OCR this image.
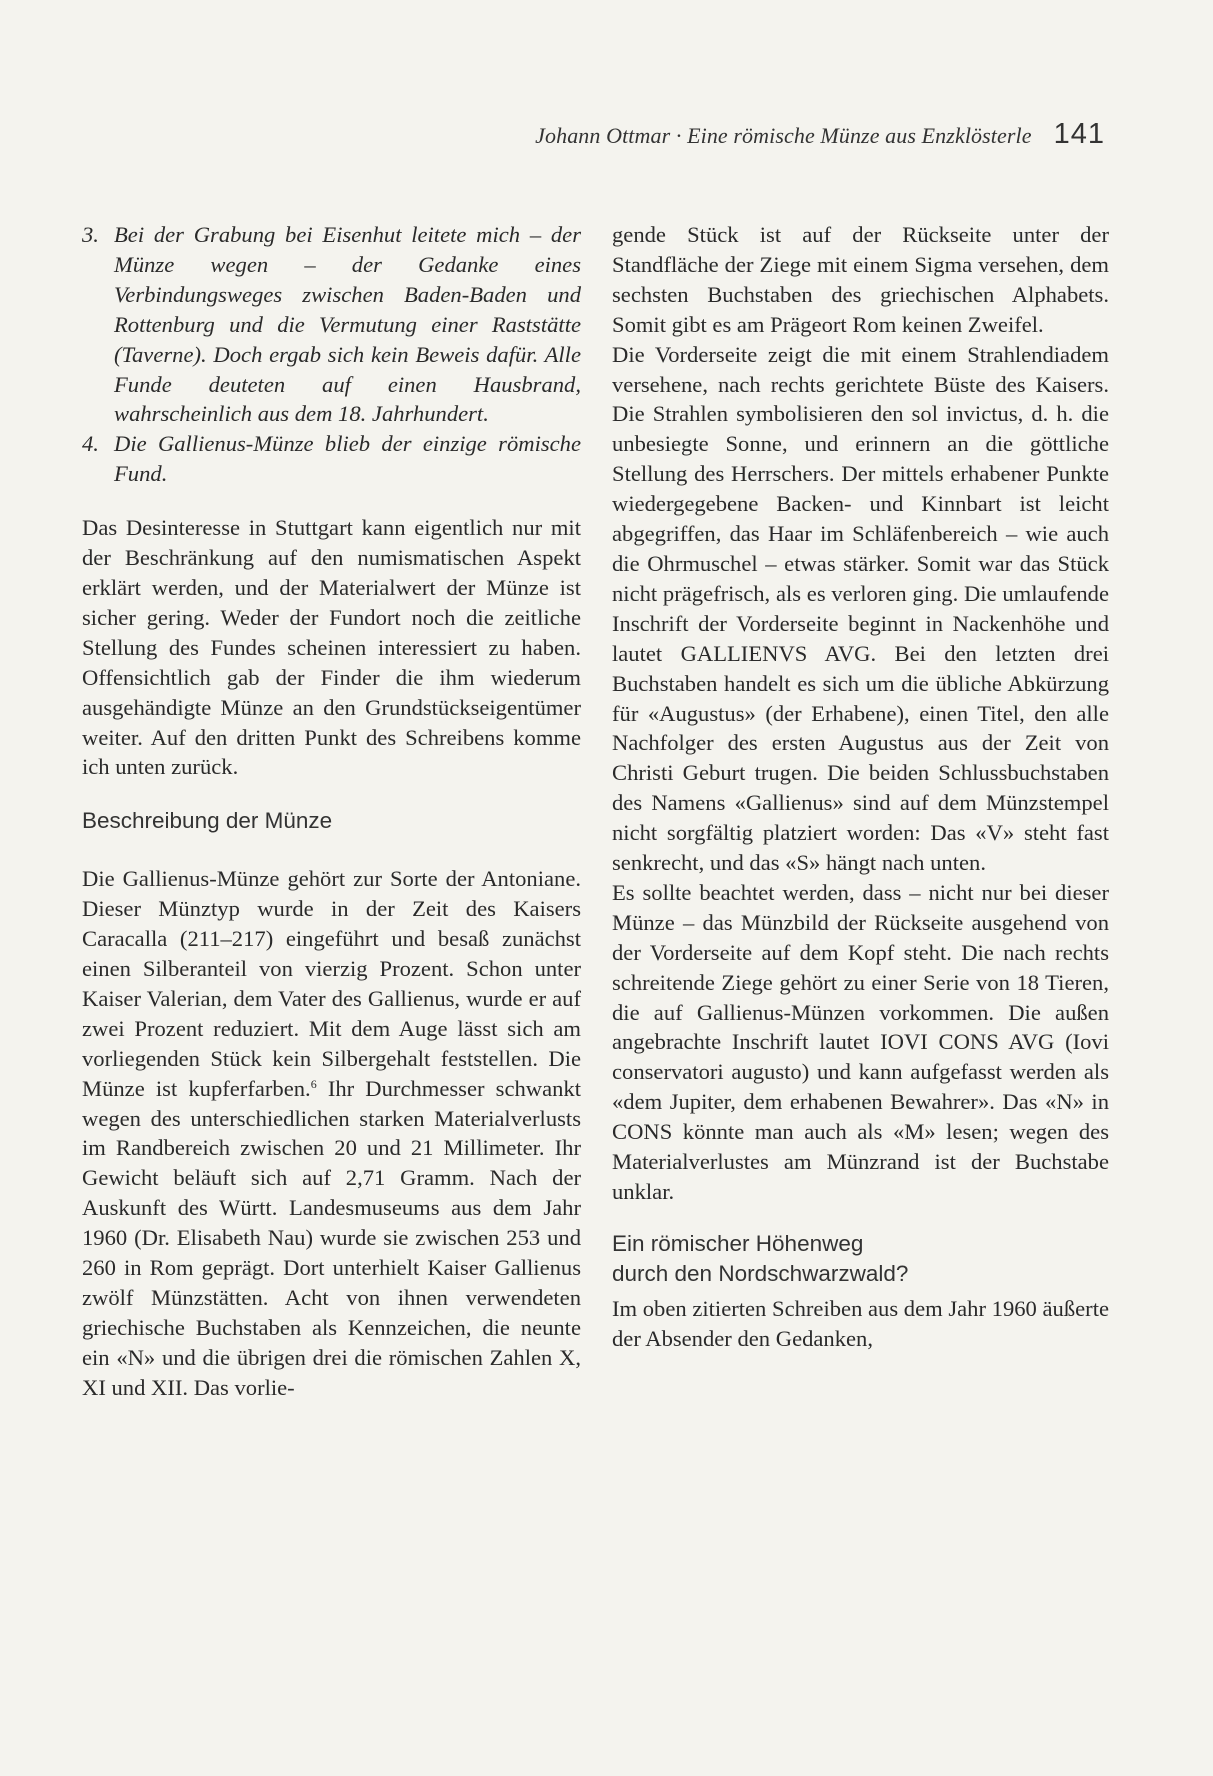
Johann Ottmar · Eine römische Münze aus Enzklösterle 141
3. Bei der Grabung bei Eisenhut leitete mich – der Münze wegen – der Gedanke eines Verbindungsweges zwischen Baden-Baden und Rottenburg und die Vermutung einer Raststätte (Taverne). Doch ergab sich kein Beweis dafür. Alle Funde deuteten auf einen Hausbrand, wahrscheinlich aus dem 18. Jahrhundert.
4. Die Gallienus-Münze blieb der einzige römische Fund.

Das Desinteresse in Stuttgart kann eigentlich nur mit der Beschränkung auf den numismatischen Aspekt erklärt werden, und der Materialwert der Münze ist sicher gering. Weder der Fundort noch die zeitliche Stellung des Fundes scheinen interessiert zu haben. Offensichtlich gab der Finder die ihm wiederum ausgehändigte Münze an den Grundstückseigentümer weiter. Auf den dritten Punkt des Schreibens komme ich unten zurück.

Beschreibung der Münze

Die Gallienus-Münze gehört zur Sorte der Antoniane. Dieser Münztyp wurde in der Zeit des Kaisers Caracalla (211–217) eingeführt und besaß zunächst einen Silberanteil von vierzig Prozent. Schon unter Kaiser Valerian, dem Vater des Gallienus, wurde er auf zwei Prozent reduziert. Mit dem Auge lässt sich am vorliegenden Stück kein Silbergehalt feststellen. Die Münze ist kupferfarben.$^6$ Ihr Durchmesser schwankt wegen des unterschiedlichen starken Materialverlusts im Randbereich zwischen 20 und 21 Millimeter. Ihr Gewicht beläuft sich auf 2,71 Gramm. Nach der Auskunft des Württ. Landesmuseums aus dem Jahr 1960 (Dr. Elisabeth Nau) wurde sie zwischen 253 und 260 in Rom geprägt. Dort unterhielt Kaiser Gallienus zwölf Münzstätten. Acht von ihnen verwendeten griechische Buchstaben als Kennzeichen, die neunte ein «N» und die übrigen drei die römischen Zahlen X, XI und XII. Das vorlie-

gende Stück ist auf der Rückseite unter der Standfläche der Ziege mit einem Sigma versehen, dem sechsten Buchstaben des griechischen Alphabets. Somit gibt es am Prägeort Rom keinen Zweifel.

Die Vorderseite zeigt die mit einem Strahlendiadem versehene, nach rechts gerichtete Büste des Kaisers. Die Strahlen symbolisieren den sol invictus, d. h. die unbesiegte Sonne, und erinnern an die göttliche Stellung des Herrschers. Der mittels erhabener Punkte wiedergegebene Backen- und Kinnbart ist leicht abgegriffen, das Haar im Schläfenbereich – wie auch die Ohrmuschel – etwas stärker. Somit war das Stück nicht prägefrisch, als es verloren ging. Die umlaufende Inschrift der Vorderseite beginnt in Nackenhöhe und lautet GALLIENVS AVG. Bei den letzten drei Buchstaben handelt es sich um die übliche Abkürzung für «Augustus» (der Erhabene), einen Titel, den alle Nachfolger des ersten Augustus aus der Zeit von Christi Geburt trugen. Die beiden Schlussbuchstaben des Namens «Gallienus» sind auf dem Münzstempel nicht sorgfältig platziert worden: Das «V» steht fast senkrecht, und das «S» hängt nach unten.

Es sollte beachtet werden, dass – nicht nur bei dieser Münze – das Münzbild der Rückseite ausgehend von der Vorderseite auf dem Kopf steht. Die nach rechts schreitende Ziege gehört zu einer Serie von 18 Tieren, die auf Gallienus-Münzen vorkommen. Die außen angebrachte Inschrift lautet IOVI CONS AVG (Iovi conservatori augusto) und kann aufgefasst werden als «dem Jupiter, dem erhabenen Bewahrer». Das «N» in CONS könnte man auch als «M» lesen; wegen des Materialverlustes am Münzrand ist der Buchstabe unklar.

Ein römischer Höhenweg
durch den Nordschwarzwald?

Im oben zitierten Schreiben aus dem Jahr 1960 äußerte der Absender den Gedanken,
